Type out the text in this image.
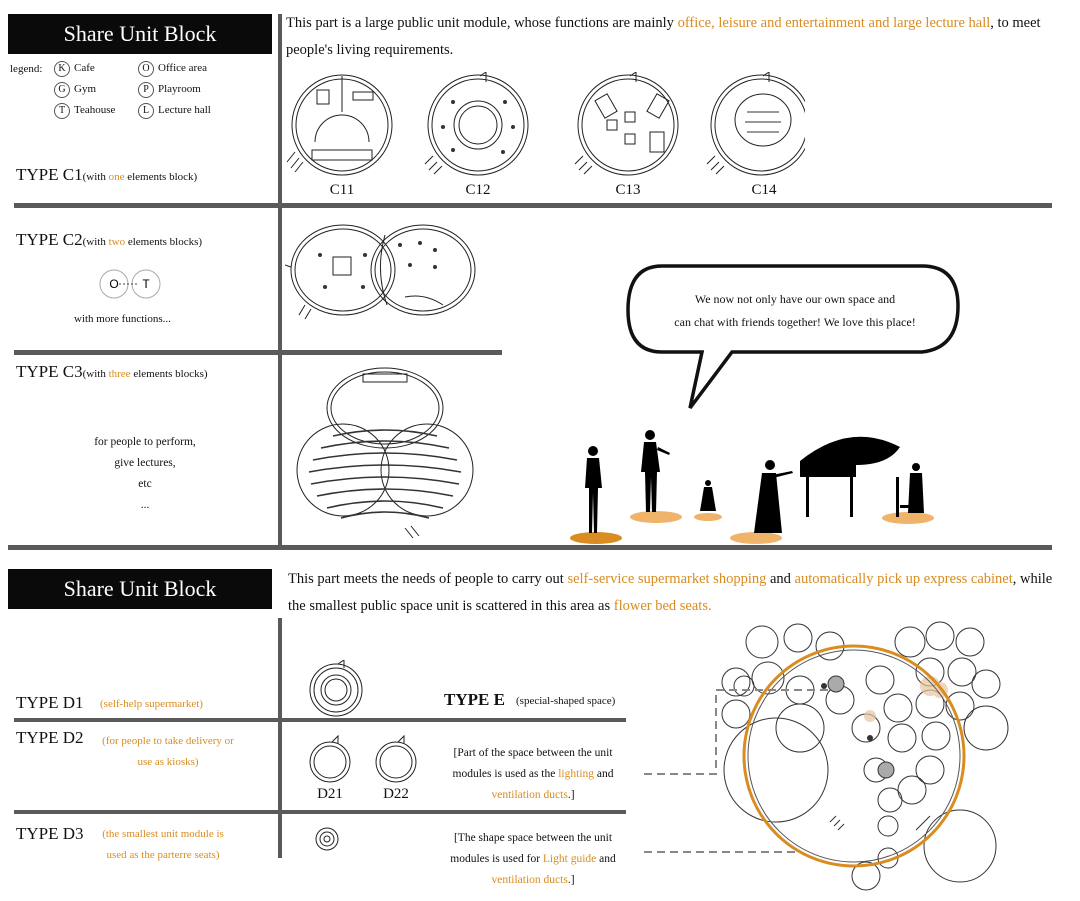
Share Unit Block	This part is a large public unit module, whose functions are mainly office, leisure and entertainment and large lecture hall, to meet people's living requirements.
legend:	K Cafe	O Office area
G Gym	P Playroom
T Teahouse	L Lecture hall
TYPE C1(with one elements block)
C11	C12	C13	C14
TYPE C2(with two elements blocks)
O T
with more functions...
TYPE C3(with three elements blocks)
for people to perform,
give lectures,
etc
...
We now not only have our own space and
can chat with friends together! We love this place!
Share Unit Block	This part meets the needs of people to carry out self-service supermarket shopping and automatically pick up express cabinet, while the smallest public space unit is scattered in this area as flower bed seats.
TYPE D1 (self-help supermarket)
TYPE D2	(for people to take delivery or
use as kiosks)
D21	D22
TYPE D3	(the smallest unit module is
used as the parterre seats)
TYPE E (special-shaped space)
[Part of the space between the unit
modules is used as the lighting and
ventilation ducts.]
[The shape space between the unit
modules is used for Light guide and
ventilation ducts.]
